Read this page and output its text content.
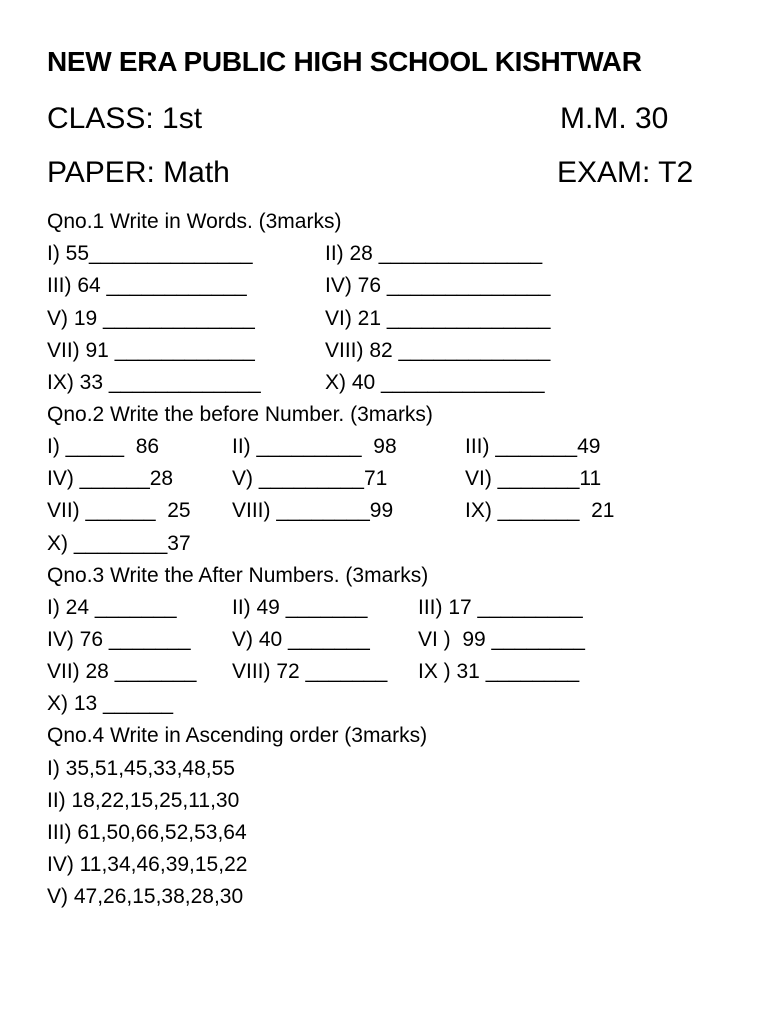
NEW ERA PUBLIC HIGH SCHOOL KISHTWAR
CLASS: 1st	M.M. 30
PAPER: Math	EXAM: T2
Qno.1 Write in Words. (3marks)
I) 55______________	II) 28 ______________
III) 64 ____________	IV) 76 ______________
V) 19 _____________	VI) 21 ______________
VII) 91 ____________	VIII) 82 _____________
IX) 33 _____________	X) 40 ______________
Qno.2 Write the before Number. (3marks)
I) _____  86	II) _________  98	III) _______49
IV) ______28	V) _________71	VI) _______11
VII) ______  25 VIII) ________99	IX) _______  21
X) ________37
Qno.3 Write the After Numbers. (3marks)
I) 24 _______	II) 49 _______ III) 17 _________
IV) 76 _______ V) 40 _______ VI )  99 ________
VII) 28 _______ VIII) 72 _______ IX ) 31 ________
X) 13 ______
Qno.4 Write in Ascending order (3marks)
I) 35,51,45,33,48,55
II) 18,22,15,25,11,30
III) 61,50,66,52,53,64
IV) 11,34,46,39,15,22
V) 47,26,15,38,28,30
